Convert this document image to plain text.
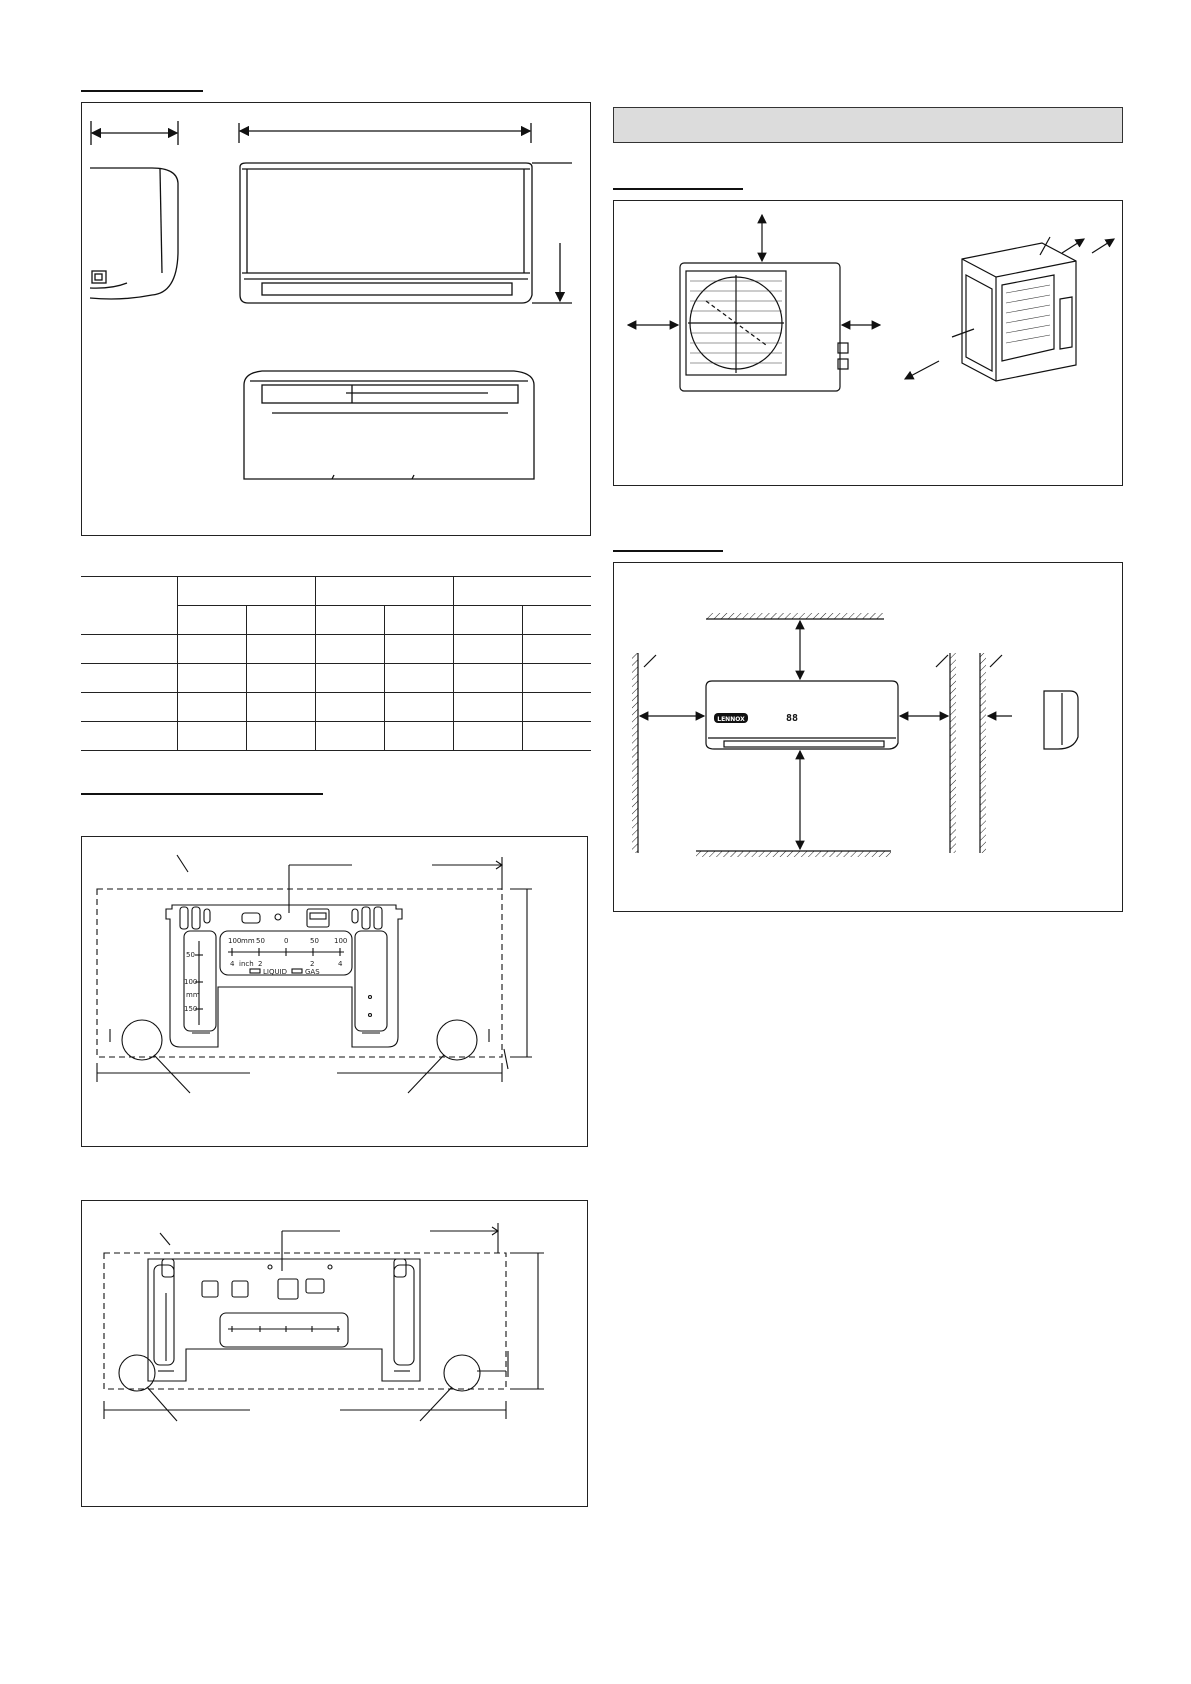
100 mm 50	0	50 100
4 inch 2	2	4
LIQUID	GAS
50
100
mm
150
LENNOX	88
